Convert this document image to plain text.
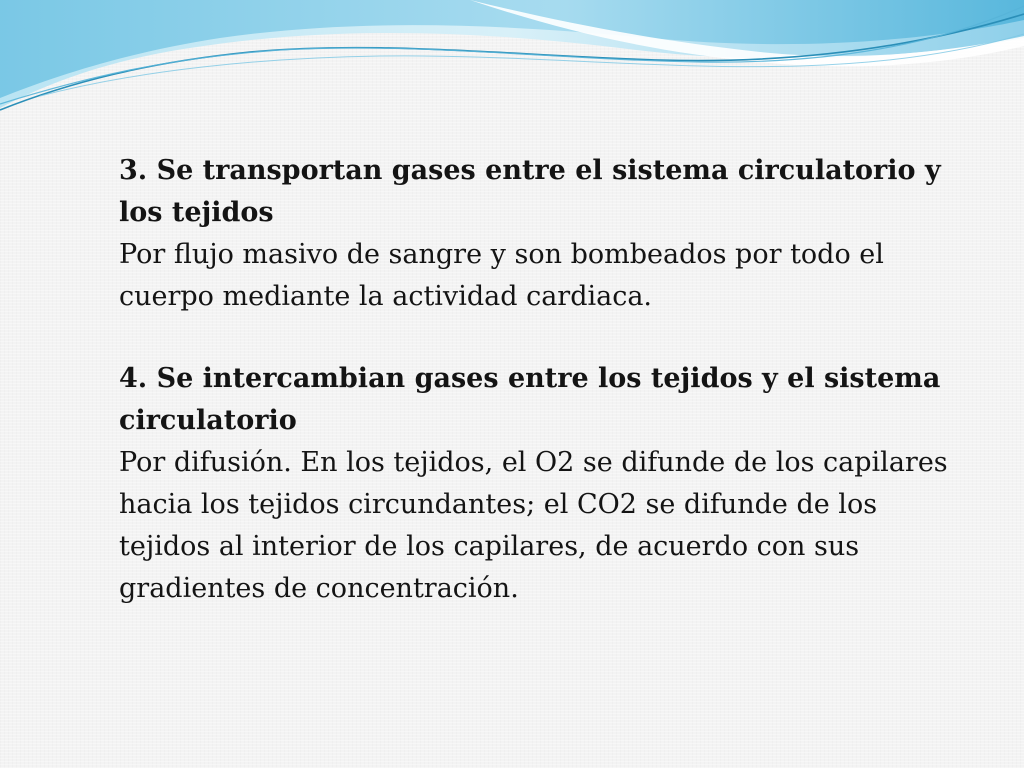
3. Se transportan gases entre el sistema circulatorio y los tejidos
Por flujo masivo de sangre y son bombeados por todo el cuerpo mediante la actividad cardiaca.
4. Se intercambian gases entre los tejidos y el sistema circulatorio
Por difusión. En los tejidos, el O2 se difunde de los capilares hacia los tejidos circundantes; el CO2 se difunde de los tejidos al interior de los capilares, de acuerdo con sus gradientes de concentración.
